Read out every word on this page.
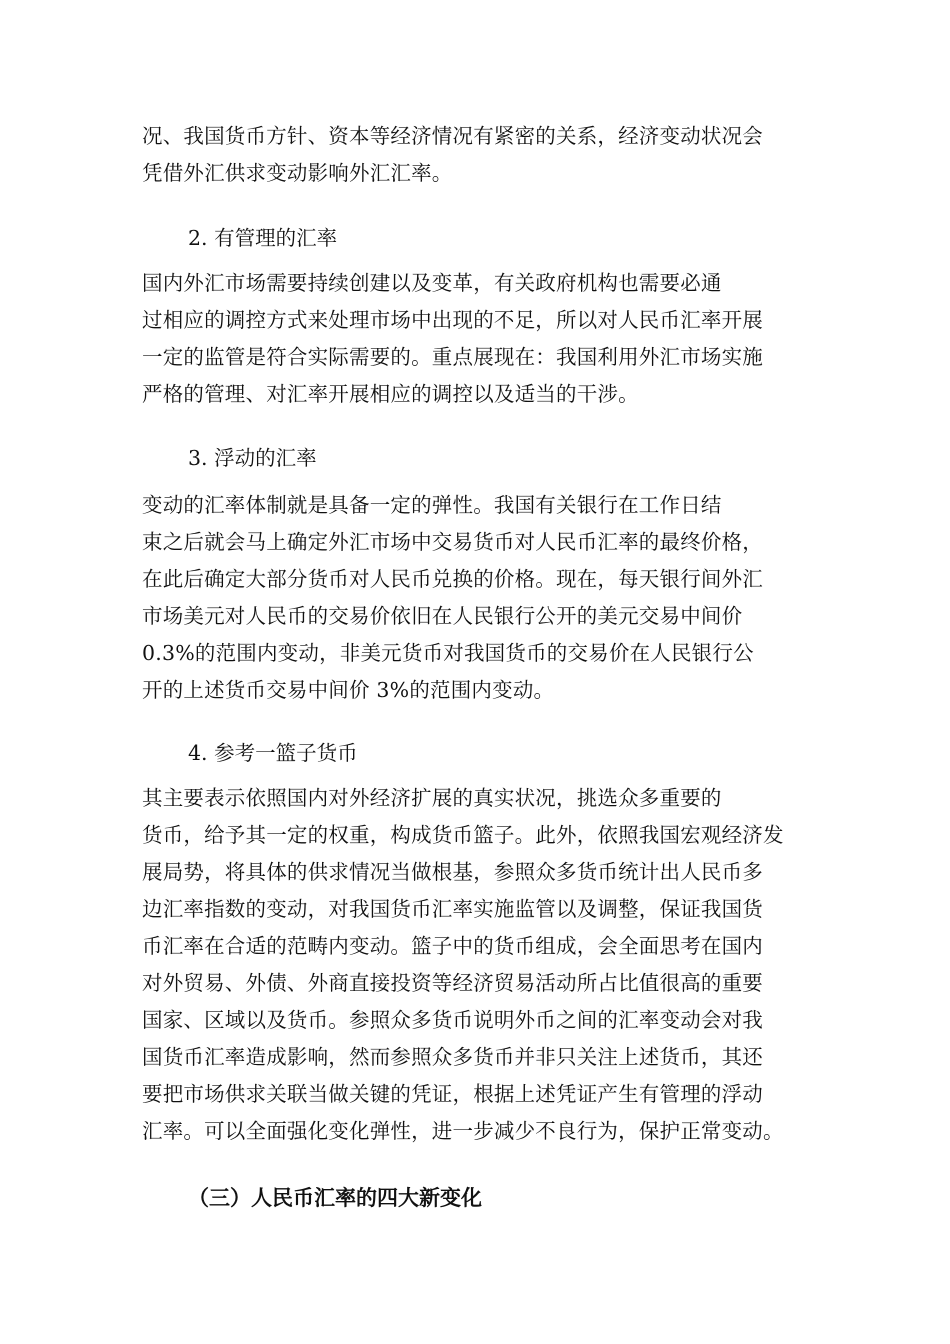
况、我国货币方针、资本等经济情况有紧密的关系，经济变动状况会
凭借外汇供求变动影响外汇汇率。
2. 有管理的汇率
国内外汇市场需要持续创建以及变革，有关政府机构也需要必通
过相应的调控方式来处理市场中出现的不足，所以对人民币汇率开展
一定的监管是符合实际需要的。重点展现在：我国利用外汇市场实施
严格的管理、对汇率开展相应的调控以及适当的干涉。
3. 浮动的汇率
变动的汇率体制就是具备一定的弹性。我国有关银行在工作日结
束之后就会马上确定外汇市场中交易货币对人民币汇率的最终价格，
在此后确定大部分货币对人民币兑换的价格。现在，每天银行间外汇
市场美元对人民币的交易价依旧在人民银行公开的美元交易中间价
0.3%的范围内变动，非美元货币对我国货币的交易价在人民银行公
开的上述货币交易中间价 3%的范围内变动。
4. 参考一篮子货币
其主要表示依照国内对外经济扩展的真实状况，挑选众多重要的
货币，给予其一定的权重，构成货币篮子。此外，依照我国宏观经济发
展局势，将具体的供求情况当做根基，参照众多货币统计出人民币多
边汇率指数的变动，对我国货币汇率实施监管以及调整，保证我国货
币汇率在合适的范畴内变动。篮子中的货币组成，会全面思考在国内
对外贸易、外债、外商直接投资等经济贸易活动所占比值很高的重要
国家、区域以及货币。参照众多货币说明外币之间的汇率变动会对我
国货币汇率造成影响，然而参照众多货币并非只关注上述货币，其还
要把市场供求关联当做关键的凭证，根据上述凭证产生有管理的浮动
汇率。可以全面强化变化弹性，进一步减少不良行为，保护正常变动。
（三）人民币汇率的四大新变化
